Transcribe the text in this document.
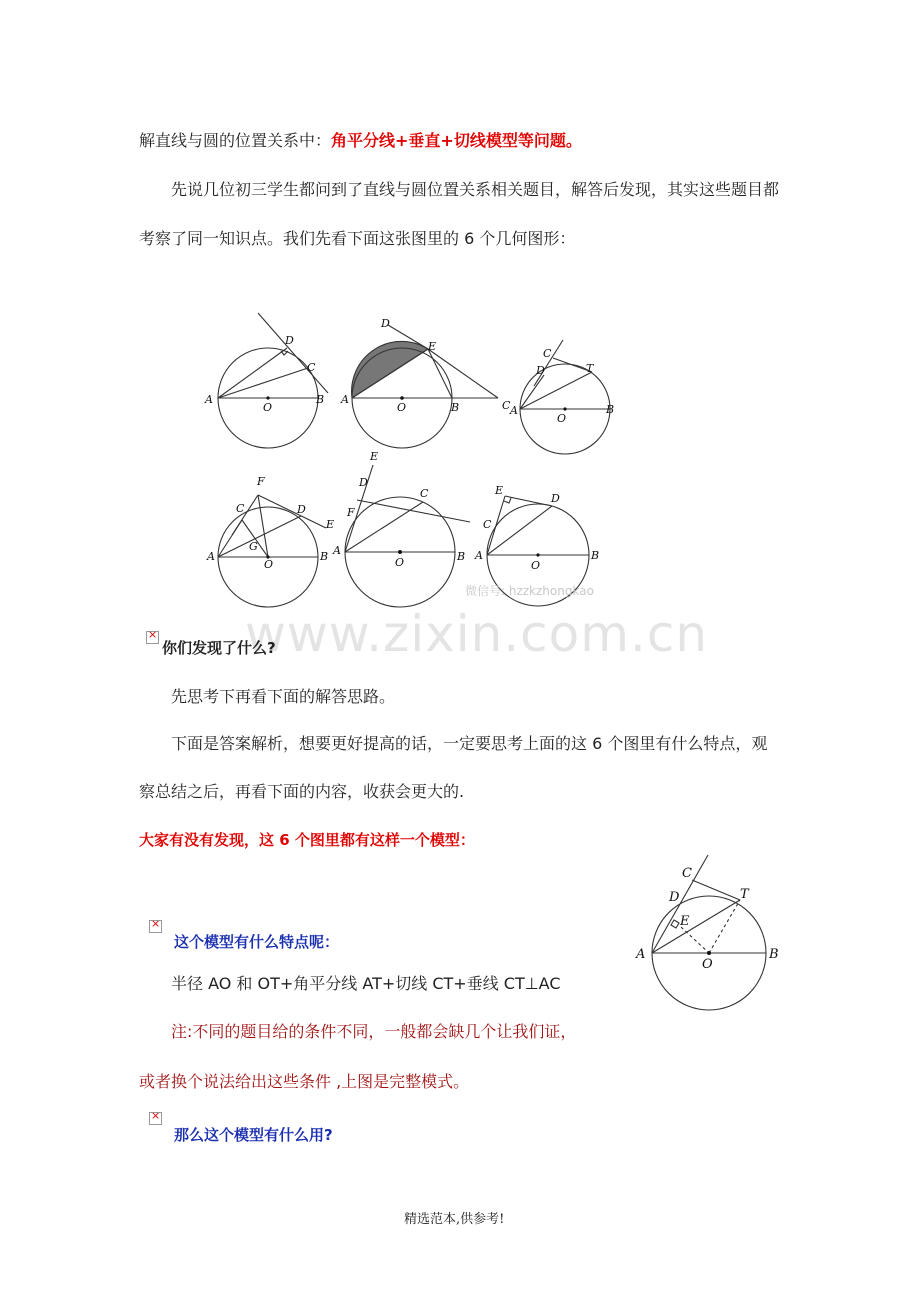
解直线与圆的位置关系中：角平分线+垂直+切线模型等问题。
先说几位初三学生都问到了直线与圆位置关系相关题目，解答后发现，其实这些题目都
考察了同一知识点。我们先看下面这张图里的 6 个几何图形：
A
O
B
C
D
A
O	B	C
D
E
A
O
B
C
D	T
A
O
B
C	D
E
F
G	A
O	B
C
D
E
F
A
O
B
C
D
E
微信号: hzzkzhongkao
www.zixin.com.cn
×
你们发现了什么?
先思考下再看下面的解答思路。
下面是答案解析，想要更好提高的话，一定要思考上面的这 6 个图里有什么特点，观
察总结之后，再看下面的内容，收获会更大的.
大家有没有发现，这 6 个图里都有这样一个模型：
A
O
B
C
D
E
T
×
这个模型有什么特点呢：
半径 AO 和 OT+角平分线 AT+切线 CT+垂线 CT⊥AC
注:不同的题目给的条件不同，一般都会缺几个让我们证，
或者换个说法给出这些条件 ,上图是完整模式。
×
那么这个模型有什么用?
精选范本,供参考!
